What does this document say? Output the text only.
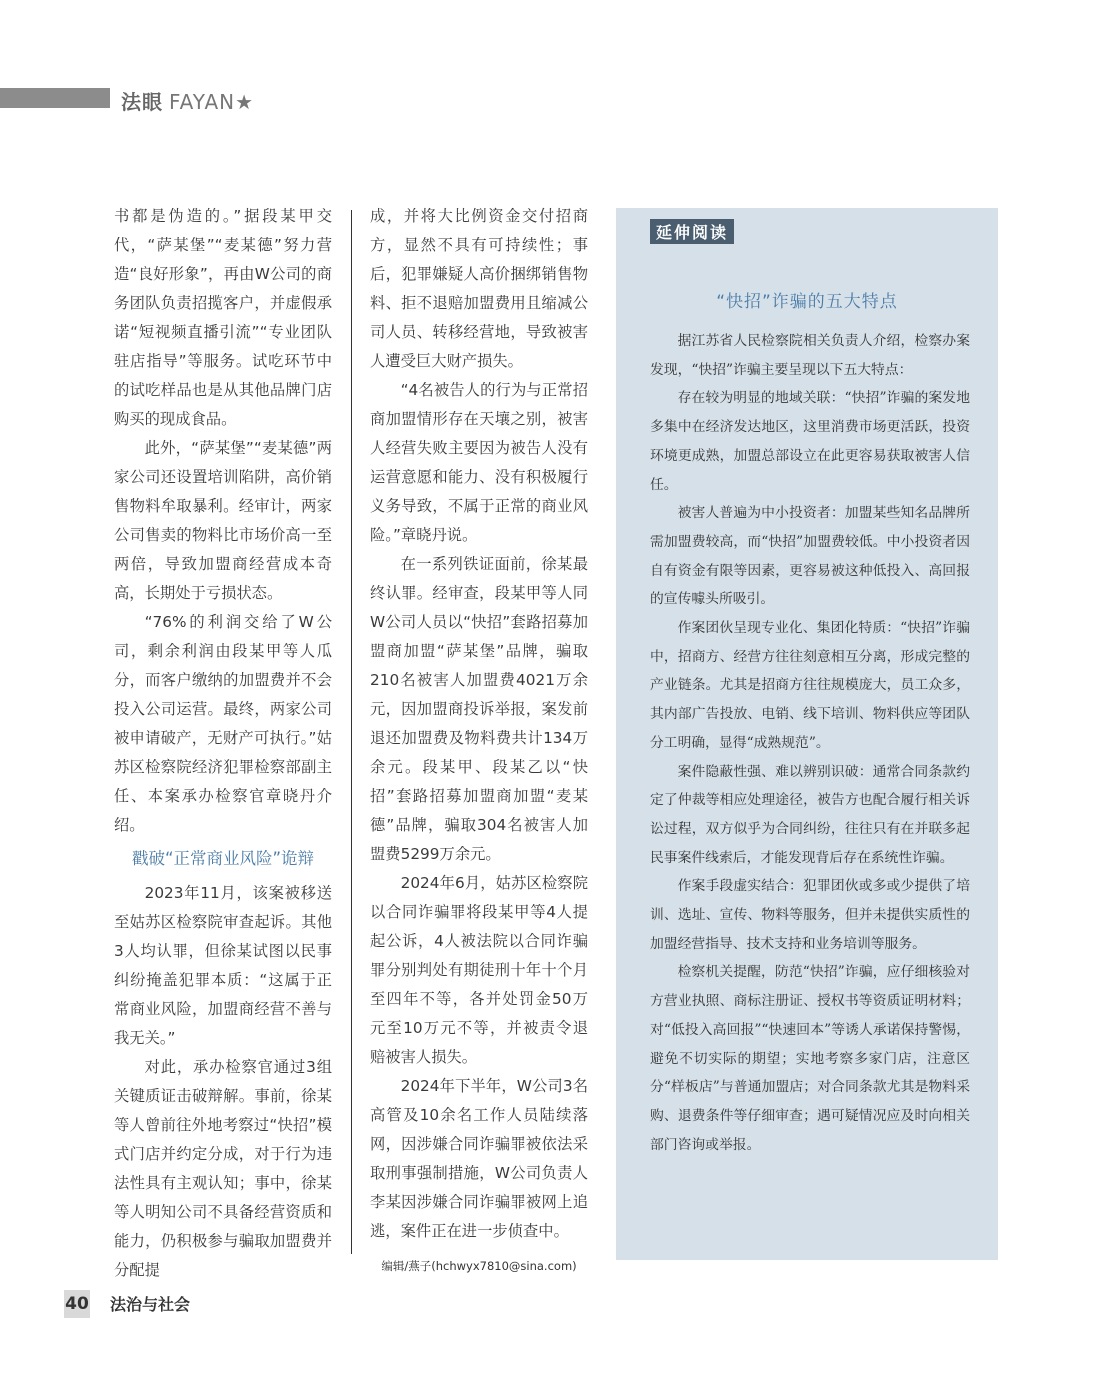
法眼 FAYAN★

书都是伪造的。”据段某甲交代，“萨某堡”“麦某德”努力营造“良好形象”，再由W公司的商务团队负责招揽客户，并虚假承诺“短视频直播引流”“专业团队驻店指导”等服务。试吃环节中的试吃样品也是从其他品牌门店购买的现成食品。

此外，“萨某堡”“麦某德”两家公司还设置培训陷阱，高价销售物料牟取暴利。经审计，两家公司售卖的物料比市场价高一至两倍，导致加盟商经营成本奇高，长期处于亏损状态。

“76%的利润交给了W公司，剩余利润由段某甲等人瓜分，而客户缴纳的加盟费并不会投入公司运营。最终，两家公司被申请破产，无财产可执行。”姑苏区检察院经济犯罪检察部副主任、本案承办检察官章晓丹介绍。

戳破“正常商业风险”诡辩

2023年11月，该案被移送至姑苏区检察院审查起诉。其他3人均认罪，但徐某试图以民事纠纷掩盖犯罪本质：“这属于正常商业风险，加盟商经营不善与我无关。”

对此，承办检察官通过3组关键质证击破辩解。事前，徐某等人曾前往外地考察过“快招”模式门店并约定分成，对于行为违法性具有主观认知；事中，徐某等人明知公司不具备经营资质和能力，仍积极参与骗取加盟费并分配提

成，并将大比例资金交付招商方，显然不具有可持续性；事后，犯罪嫌疑人高价捆绑销售物料、拒不退赔加盟费用且缩减公司人员、转移经营地，导致被害人遭受巨大财产损失。

“4名被告人的行为与正常招商加盟情形存在天壤之别，被害人经营失败主要因为被告人没有运营意愿和能力、没有积极履行义务导致，不属于正常的商业风险。”章晓丹说。

在一系列铁证面前，徐某最终认罪。经审查，段某甲等人同W公司人员以“快招”套路招募加盟商加盟“萨某堡”品牌，骗取210名被害人加盟费4021万余元，因加盟商投诉举报，案发前退还加盟费及物料费共计134万余元。段某甲、段某乙以“快招”套路招募加盟商加盟“麦某德”品牌，骗取304名被害人加盟费5299万余元。

2024年6月，姑苏区检察院以合同诈骗罪将段某甲等4人提起公诉，4人被法院以合同诈骗罪分别判处有期徒刑十年十个月至四年不等，各并处罚金50万元至10万元不等，并被责令退赔被害人损失。

2024年下半年，W公司3名高管及10余名工作人员陆续落网，因涉嫌合同诈骗罪被依法采取刑事强制措施，W公司负责人李某因涉嫌合同诈骗罪被网上追逃，案件正在进一步侦查中。

编辑/燕子(hchwyx7810@sina.com)

延伸阅读
“快招”诈骗的五大特点

据江苏省人民检察院相关负责人介绍，检察办案发现，“快招”诈骗主要呈现以下五大特点：

存在较为明显的地域关联：“快招”诈骗的案发地多集中在经济发达地区，这里消费市场更活跃，投资环境更成熟，加盟总部设立在此更容易获取被害人信任。

被害人普遍为中小投资者：加盟某些知名品牌所需加盟费较高，而“快招”加盟费较低。中小投资者因自有资金有限等因素，更容易被这种低投入、高回报的宣传噱头所吸引。

作案团伙呈现专业化、集团化特质：“快招”诈骗中，招商方、经营方往往刻意相互分离，形成完整的产业链条。尤其是招商方往往规模庞大，员工众多，其内部广告投放、电销、线下培训、物料供应等团队分工明确，显得“成熟规范”。

案件隐蔽性强、难以辨别识破：通常合同条款约定了仲裁等相应处理途径，被告方也配合履行相关诉讼过程，双方似乎为合同纠纷，往往只有在并联多起民事案件线索后，才能发现背后存在系统性诈骗。

作案手段虚实结合：犯罪团伙或多或少提供了培训、选址、宣传、物料等服务，但并未提供实质性的加盟经营指导、技术支持和业务培训等服务。

检察机关提醒，防范“快招”诈骗，应仔细核验对方营业执照、商标注册证、授权书等资质证明材料；对“低投入高回报”“快速回本”等诱人承诺保持警惕，避免不切实际的期望；实地考察多家门店，注意区分“样板店”与普通加盟店；对合同条款尤其是物料采购、退费条件等仔细审查；遇可疑情况应及时向相关部门咨询或举报。

40 法治与社会
